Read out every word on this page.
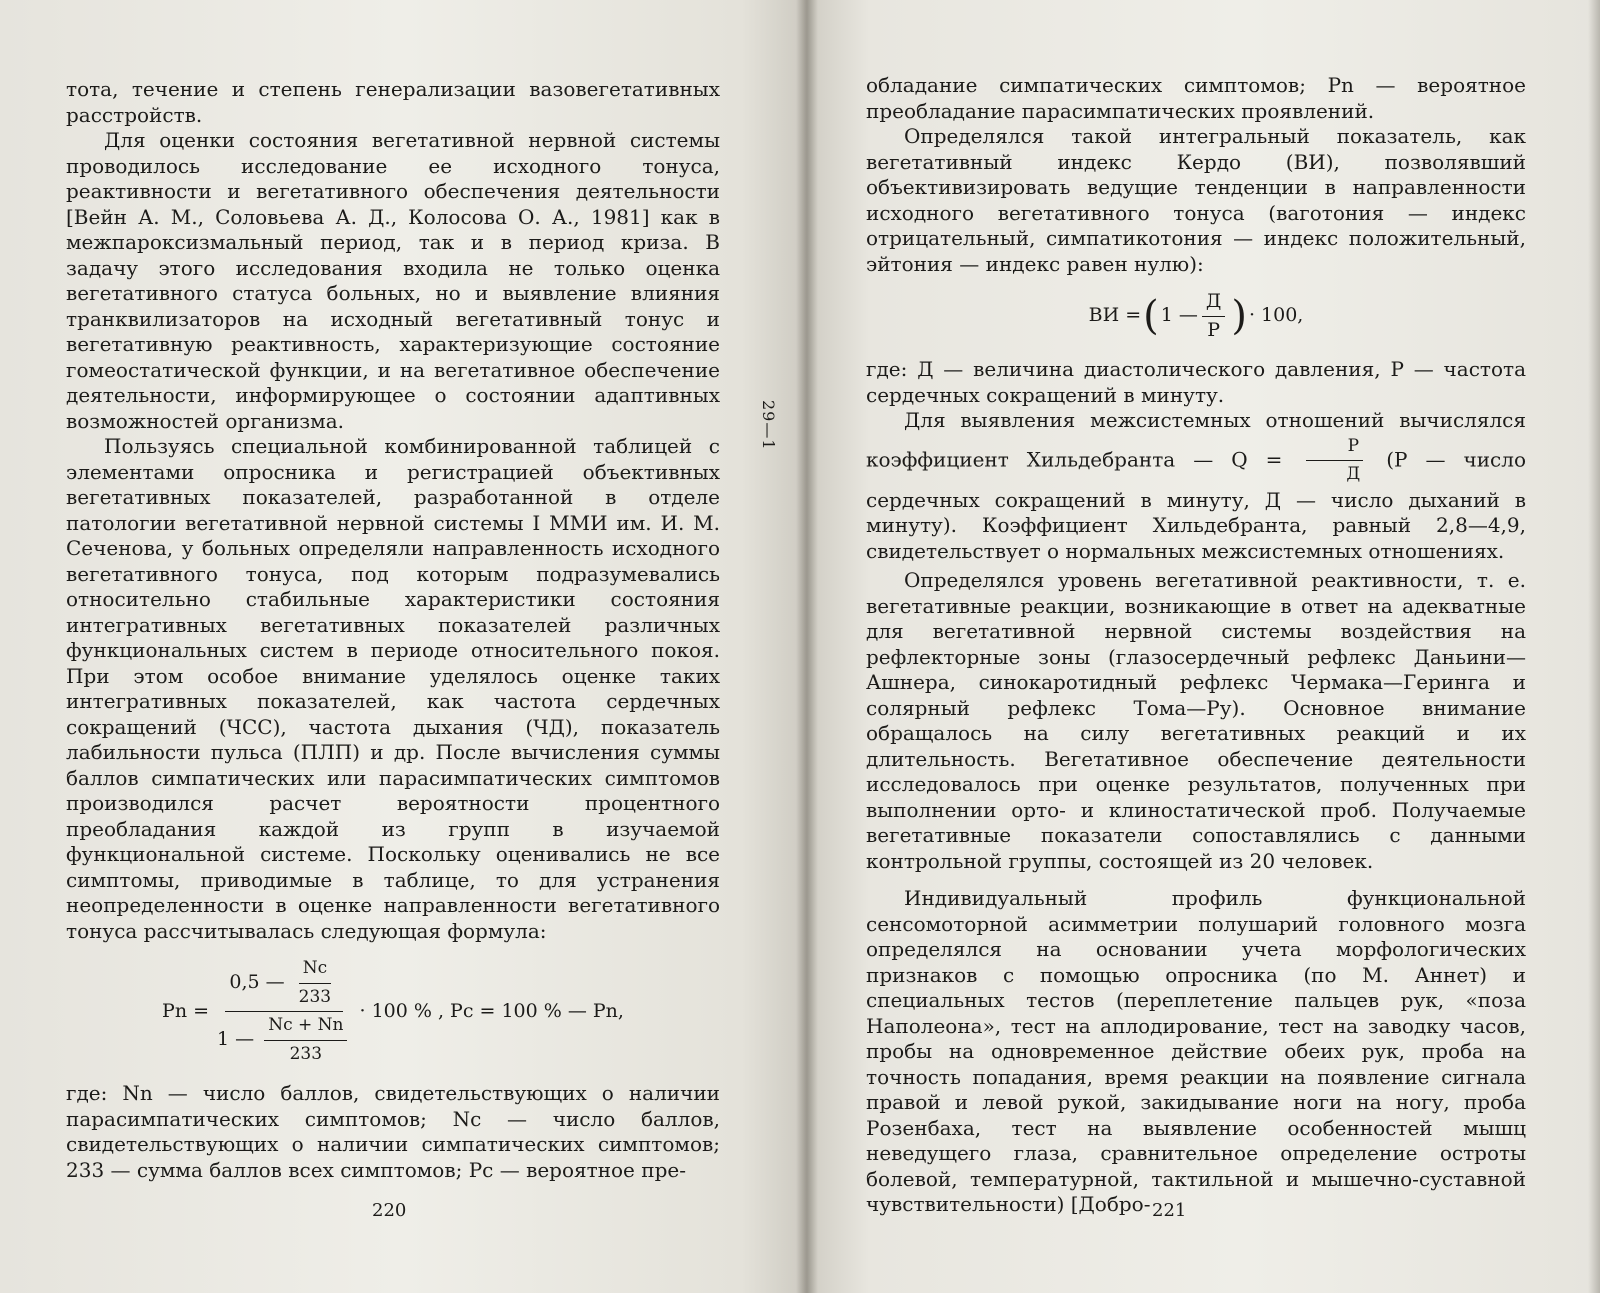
тота, течение и степень генерализации вазовегетативных расстройств.

Для оценки состояния вегетативной нервной системы проводилось исследование ее исходного тонуса, реактивности и вегетативного обеспечения деятельности [Вейн А. М., Соловьева А. Д., Колосова О. А., 1981] как в межпароксизмальный период, так и в период криза. В задачу этого исследования входила не только оценка вегетативного статуса больных, но и выявление влияния транквилизаторов на исходный вегетативный тонус и вегетативную реактивность, характеризующие состояние гомеостатической функции, и на вегетативное обеспечение деятельности, информирующее о состоянии адаптивных возможностей организма.

Пользуясь специальной комбинированной таблицей с элементами опросника и регистрацией объективных вегетативных показателей, разработанной в отделе патологии вегетативной нервной системы I ММИ им. И. М. Сеченова, у больных определяли направленность исходного вегетативного тонуса, под которым подразумевались относительно стабильные характеристики состояния интегративных вегетативных показателей различных функциональных систем в периоде относительного покоя. При этом особое внимание уделялось оценке таких интегративных показателей, как частота сердечных сокращений (ЧСС), частота дыхания (ЧД), показатель лабильности пульса (ПЛП) и др. После вычисления суммы баллов симпатических или парасимпатических симптомов производился расчет вероятности процентного преобладания каждой из групп в изучаемой функциональной системе. Поскольку оценивались не все симптомы, приводимые в таблице, то для устранения неопределенности в оценке направленности вегетативного тонуса рассчитывалась следующая формула:

$Pn = \frac{0,5 — \frac{Nc}{233}}{1 — \frac{Nc + Nn}{233}} \cdot 100$ % , Pc = 100 % — Pn,

где: Nn — число баллов, свидетельствующих о наличии парасимпатических симптомов; Nc — число баллов, свидетельствующих о наличии симпатических симптомов; 233 — сумма баллов всех симптомов; Pc — вероятное пре-

220

обладание симпатических симптомов; Pn — вероятное преобладание парасимпатических проявлений.

Определялся такой интегральный показатель, как вегетативный индекс Кердо (ВИ), позволявший объективизировать ведущие тенденции в направленности исходного вегетативного тонуса (ваготония — индекс отрицательный, симпатикотония — индекс положительный, эйтония — индекс равен нулю):

ВИ = ( 1 — $\frac{Д}{Р}$ ) · 100,

где: Д — величина диастолического давления, Р — частота сердечных сокращений в минуту.

Для выявления межсистемных отношений вычислялся коэффициент Хильдебранта — $Q = \frac{Р}{Д} (Р$ — число сердечных сокращений в минуту, Д — число дыханий в минуту). Коэффициент Хильдебранта, равный 2,8—4,9, свидетельствует о нормальных межсистемных отношениях.

Определялся уровень вегетативной реактивности, т. е. вегетативные реакции, возникающие в ответ на адекватные для вегетативной нервной системы воздействия на рефлекторные зоны (глазосердечный рефлекс Даньини—Ашнера, синокаротидный рефлекс Чермака—Геринга и солярный рефлекс Тома—Ру). Основное внимание обращалось на силу вегетативных реакций и их длительность. Вегетативное обеспечение деятельности исследовалось при оценке результатов, полученных при выполнении орто- и клиностатической проб. Получаемые вегетативные показатели сопоставлялись с данными контрольной группы, состоящей из 20 человек.

Индивидуальный профиль функциональной сенсомоторной асимметрии полушарий головного мозга определялся на основании учета морфологических признаков с помощью опросника (по М. Аннет) и специальных тестов (переплетение пальцев рук, «поза Наполеона», тест на аплодирование, тест на заводку часов, пробы на одновременное действие обеих рук, проба на точность попадания, время реакции на появление сигнала правой и левой рукой, закидывание ноги на ногу, проба Розенбаха, тест на выявление особенностей мышц неведущего глаза, сравнительное определение остроты болевой, температурной, тактильной и мышечно-суставной чувствительности) [Добро- 221
29—1
